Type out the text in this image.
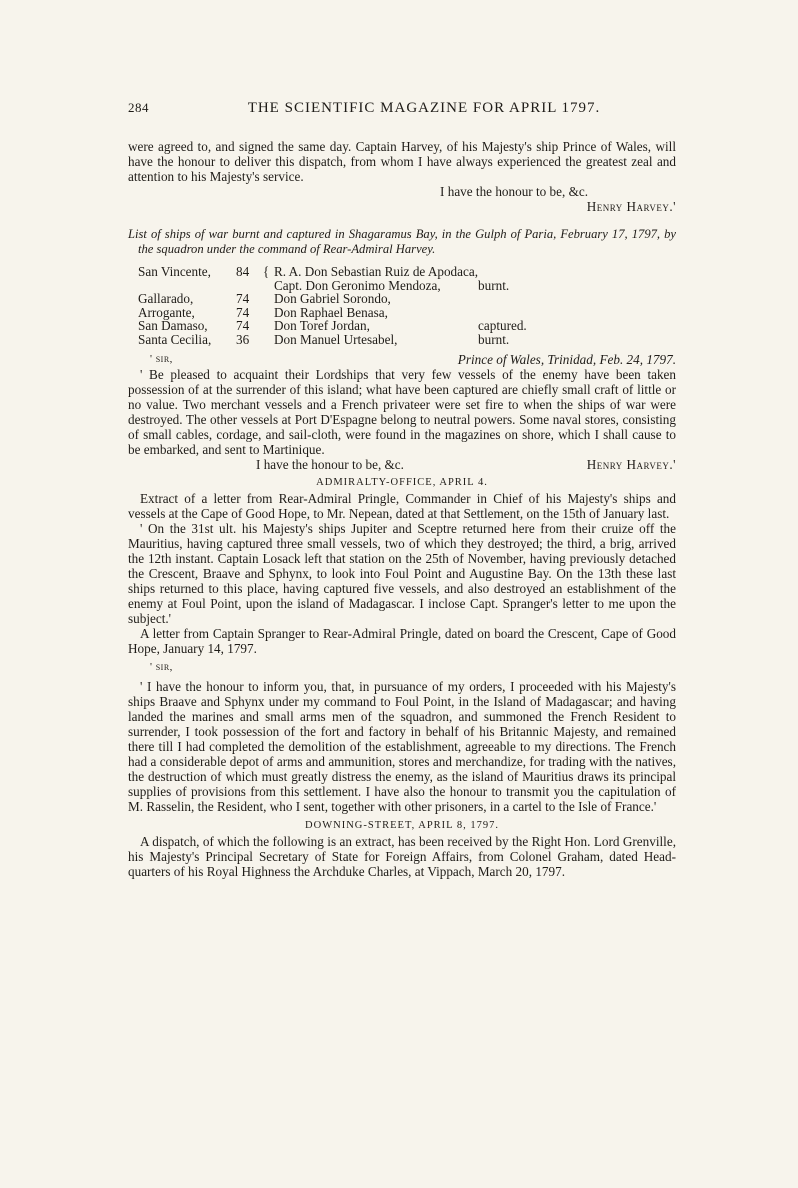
284	THE SCIENTIFIC MAGAZINE FOR APRIL 1797.

were agreed to, and signed the same day. Captain Harvey, of his Majesty's ship Prince of Wales, will have the honour to deliver this dispatch, from whom I have always experienced the greatest zeal and attention to his Majesty's service.

I have the honour to be, &c.
Henry Harvey.'

List of ships of war burnt and captured in Shagaramus Bay, in the Gulph of Paria, February 17, 1797, by the squadron under the command of Rear-Admiral Harvey.

San Vincente,	84	{	R. A. Don Sebastian Ruiz de Apodaca,	
			Capt. Don Geronimo Mendoza,	burnt.
Gallarado,	74		Don Gabriel Sorondo,	
Arrogante,	74		Don Raphael Benasa,	
San Damaso,	74		Don Toref Jordan,	captured.
Santa Cecilia,	36		Don Manuel Urtesabel,	burnt.
' sir,	Prince of Wales, Trinidad, Feb. 24, 1797.

' Be pleased to acquaint their Lordships that very few vessels of the enemy have been taken possession of at the surrender of this island; what have been captured are chiefly small craft of little or no value. Two merchant vessels and a French privateer were set fire to when the ships of war were destroyed. The other vessels at Port D'Espagne belong to neutral powers. Some naval stores, consisting of small cables, cordage, and sail-cloth, were found in the magazines on shore, which I shall cause to be embarked, and sent to Martinique.

I have the honour to be, &c.	Henry Harvey.'
ADMIRALTY-OFFICE, APRIL 4.

Extract of a letter from Rear-Admiral Pringle, Commander in Chief of his Majesty's ships and vessels at the Cape of Good Hope, to Mr. Nepean, dated at that Settlement, on the 15th of January last.

' On the 31st ult. his Majesty's ships Jupiter and Sceptre returned here from their cruize off the Mauritius, having captured three small vessels, two of which they destroyed; the third, a brig, arrived the 12th instant. Captain Losack left that station on the 25th of November, having previously detached the Crescent, Braave and Sphynx, to look into Foul Point and Augustine Bay. On the 13th these last ships returned to this place, having captured five vessels, and also destroyed an establishment of the enemy at Foul Point, upon the island of Madagascar. I inclose Capt. Spranger's letter to me upon the subject.'

A letter from Captain Spranger to Rear-Admiral Pringle, dated on board the Crescent, Cape of Good Hope, January 14, 1797.

' sir,

' I have the honour to inform you, that, in pursuance of my orders, I proceeded with his Majesty's ships Braave and Sphynx under my command to Foul Point, in the Island of Madagascar; and having landed the marines and small arms men of the squadron, and summoned the French Resident to surrender, I took possession of the fort and factory in behalf of his Britannic Majesty, and remained there till I had completed the demolition of the establishment, agreeable to my directions. The French had a considerable depot of arms and ammunition, stores and merchandize, for trading with the natives, the destruction of which must greatly distress the enemy, as the island of Mauritius draws its principal supplies of provisions from this settlement. I have also the honour to transmit you the capitulation of M. Rasselin, the Resident, who I sent, together with other prisoners, in a cartel to the Isle of France.'

DOWNING-STREET, APRIL 8, 1797.

A dispatch, of which the following is an extract, has been received by the Right Hon. Lord Grenville, his Majesty's Principal Secretary of State for Foreign Affairs, from Colonel Graham, dated Head-quarters of his Royal Highness the Archduke Charles, at Vippach, March 20, 1797.
